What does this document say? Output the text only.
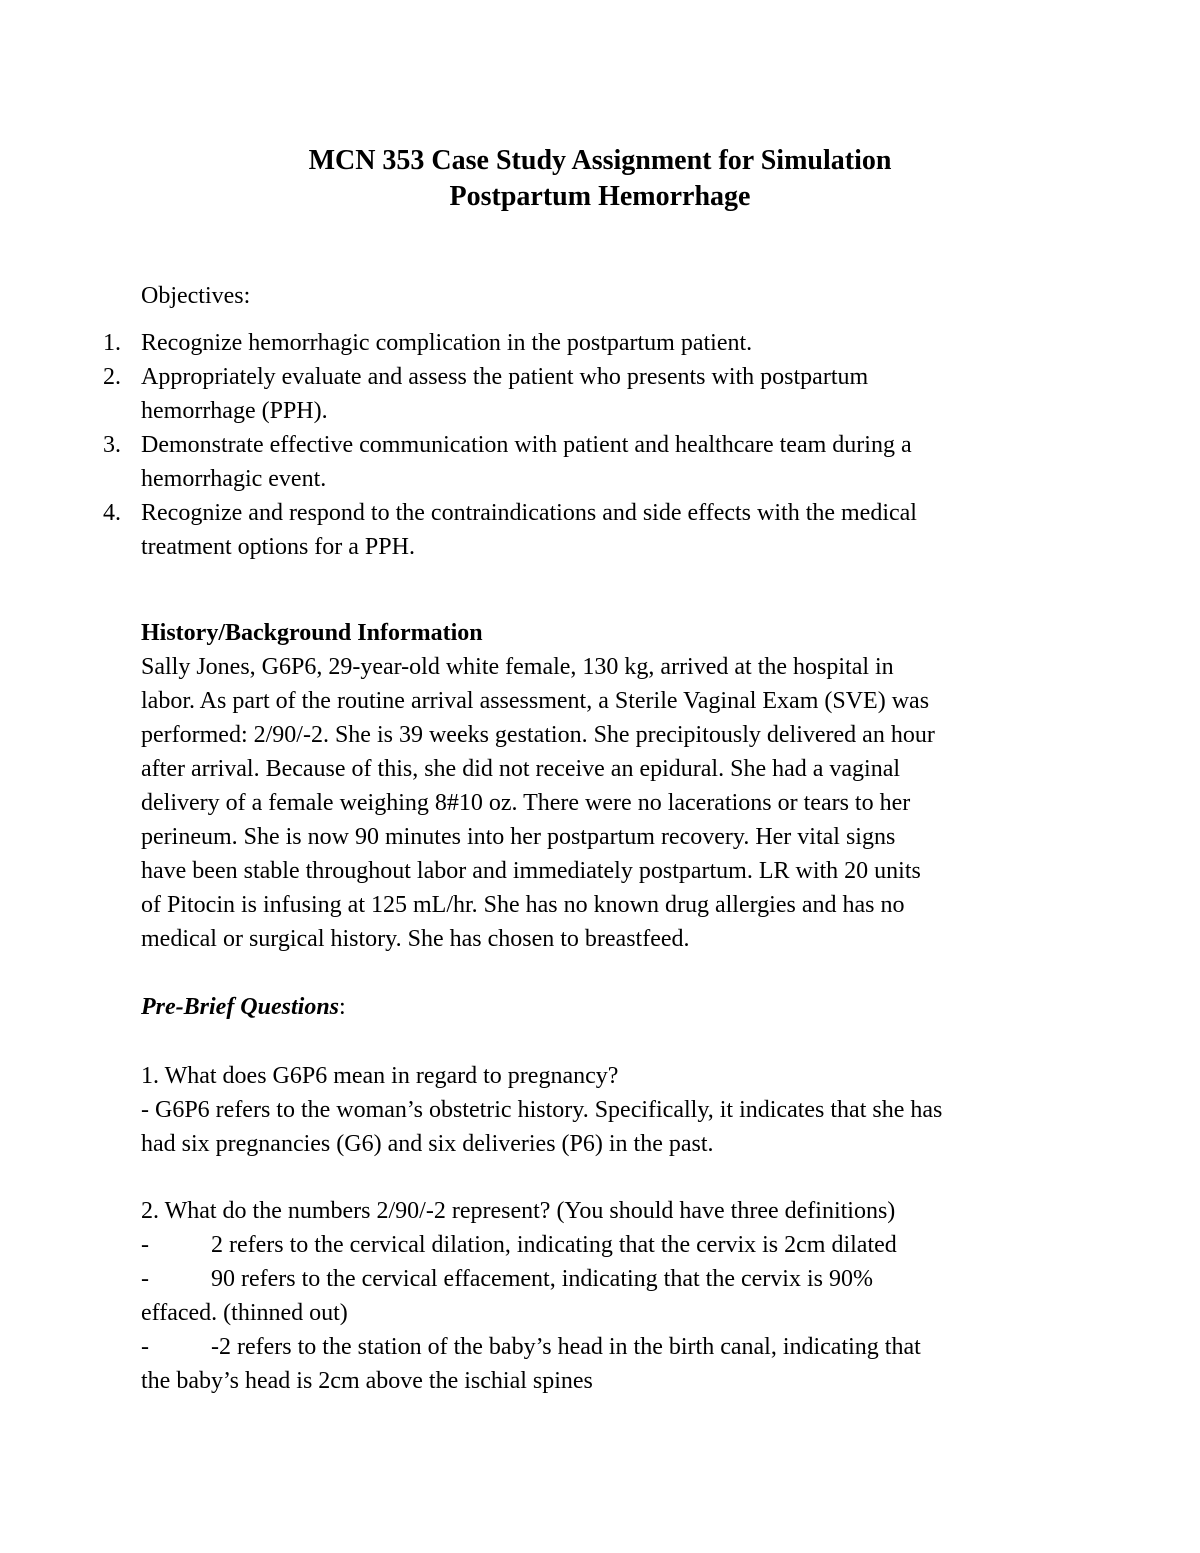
MCN 353 Case Study Assignment for Simulation
Postpartum Hemorrhage
Objectives:
1. Recognize hemorrhagic complication in the postpartum patient.
2. Appropriately evaluate and assess the patient who presents with postpartum
hemorrhage (PPH).
3. Demonstrate effective communication with patient and healthcare team during a
hemorrhagic event.
4. Recognize and respond to the contraindications and side effects with the medical
treatment options for a PPH.
History/Background Information
Sally Jones, G6P6, 29-year-old white female, 130 kg, arrived at the hospital in
labor. As part of the routine arrival assessment, a Sterile Vaginal Exam (SVE) was
performed: 2/90/-2. She is 39 weeks gestation. She precipitously delivered an hour
after arrival. Because of this, she did not receive an epidural. She had a vaginal
delivery of a female weighing 8#10 oz. There were no lacerations or tears to her
perineum. She is now 90 minutes into her postpartum recovery. Her vital signs
have been stable throughout labor and immediately postpartum. LR with 20 units
of Pitocin is infusing at 125 mL/hr. She has no known drug allergies and has no
medical or surgical history. She has chosen to breastfeed.
Pre-Brief Questions:
1. What does G6P6 mean in regard to pregnancy?
- G6P6 refers to the woman’s obstetric history. Specifically, it indicates that she has
had six pregnancies (G6) and six deliveries (P6) in the past.
2. What do the numbers 2/90/-2 represent? (You should have three definitions)
-	2 refers to the cervical dilation, indicating that the cervix is 2cm dilated
-	90 refers to the cervical effacement, indicating that the cervix is 90%
effaced. (thinned out)
-	-2 refers to the station of the baby’s head in the birth canal, indicating that
the baby’s head is 2cm above the ischial spines
